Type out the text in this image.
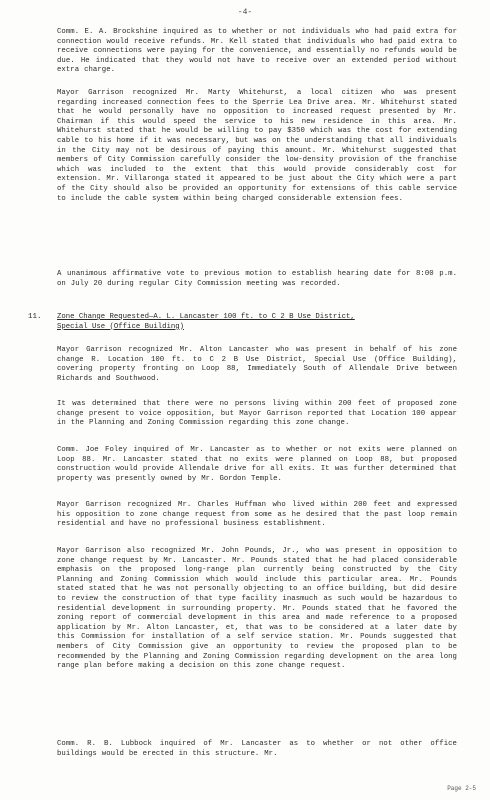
-4-
Comm. E. A. Brockshine inquired as to whether or not individuals who had paid extra for connection would receive refunds. Mr. Kell stated that individuals who had paid extra to receive connections were paying for the convenience, and essentially no refunds would be due. He indicated that they would not have to receive over an extended period without extra charge.
Mayor Garrison recognized Mr. Marty Whitehurst, a local citizen who was present regarding increased connection fees to the Sperrie Lea Drive area. Mr. Whitehurst stated that he would personally have no opposition to increased request presented by Mr. Chairman if this would speed the service to his new residence in this area. Mr. Whitehurst stated that he would be willing to pay $350 which was the cost for extending cable to his home if it was necessary, but was on the understanding that all individuals in the City may not be desirous of paying this amount. Mr. Whitehurst suggested that members of City Commission carefully consider the low-density provision of the franchise which was included to the extent that this would provide considerably cost for extension. Mr. Villaronga stated it appeared to be just about the City which were a part of the City should also be provided an opportunity for extensions of this cable service to include the cable system within being charged considerable extension fees.
A unanimous affirmative vote to previous motion to establish hearing date for 8:00 p.m. on July 20 during regular City Commission meeting was recorded.
11. Zone Change Requested—A. L. Lancaster 100 ft. to C 2 B Use District,
Special Use (Office Building)
Mayor Garrison recognized Mr. Alton Lancaster who was present in behalf of his zone change R. Location 100 ft. to C 2 B Use District, Special Use (Office Building), covering property fronting on Loop 88, Immediately South of Allendale Drive between Richards and Southwood.
It was determined that there were no persons living within 200 feet of proposed zone change present to voice opposition, but Mayor Garrison reported that Location 100 appear in the Planning and Zoning Commission regarding this zone change.
Comm. Joe Foley inquired of Mr. Lancaster as to whether or not exits were planned on Loop 88. Mr. Lancaster stated that no exits were planned on Loop 88, but proposed construction would provide Allendale drive for all exits. It was further determined that property was presently owned by Mr. Gordon Temple.
Mayor Garrison recognized Mr. Charles Huffman who lived within 200 feet and expressed his opposition to zone change request from some as he desired that the past loop remain residential and have no professional business establishment.
Mayor Garrison also recognized Mr. John Pounds, Jr., who was present in opposition to zone change request by Mr. Lancaster. Mr. Pounds stated that he had placed considerable emphasis on the proposed long-range plan currently being constructed by the City Planning and Zoning Commission which would include this particular area. Mr. Pounds stated stated that he was not personally objecting to an office building, but did desire to review the construction of that type facility inasmuch as such would be hazardous to residential development in surrounding property. Mr. Pounds stated that he favored the zoning report of commercial development in this area and made reference to a proposed application by Mr. Alton Lancaster, et, that was to be considered at a later date by this Commission for installation of a self service station. Mr. Pounds suggested that members of City Commission give an opportunity to review the proposed plan to be recommended by the Planning and Zoning Commission regarding development on the area long range plan before making a decision on this zone change request.
Comm. R. B. Lubbock inquired of Mr. Lancaster as to whether or not other office buildings would be erected in this structure. Mr.
Page 2-5
